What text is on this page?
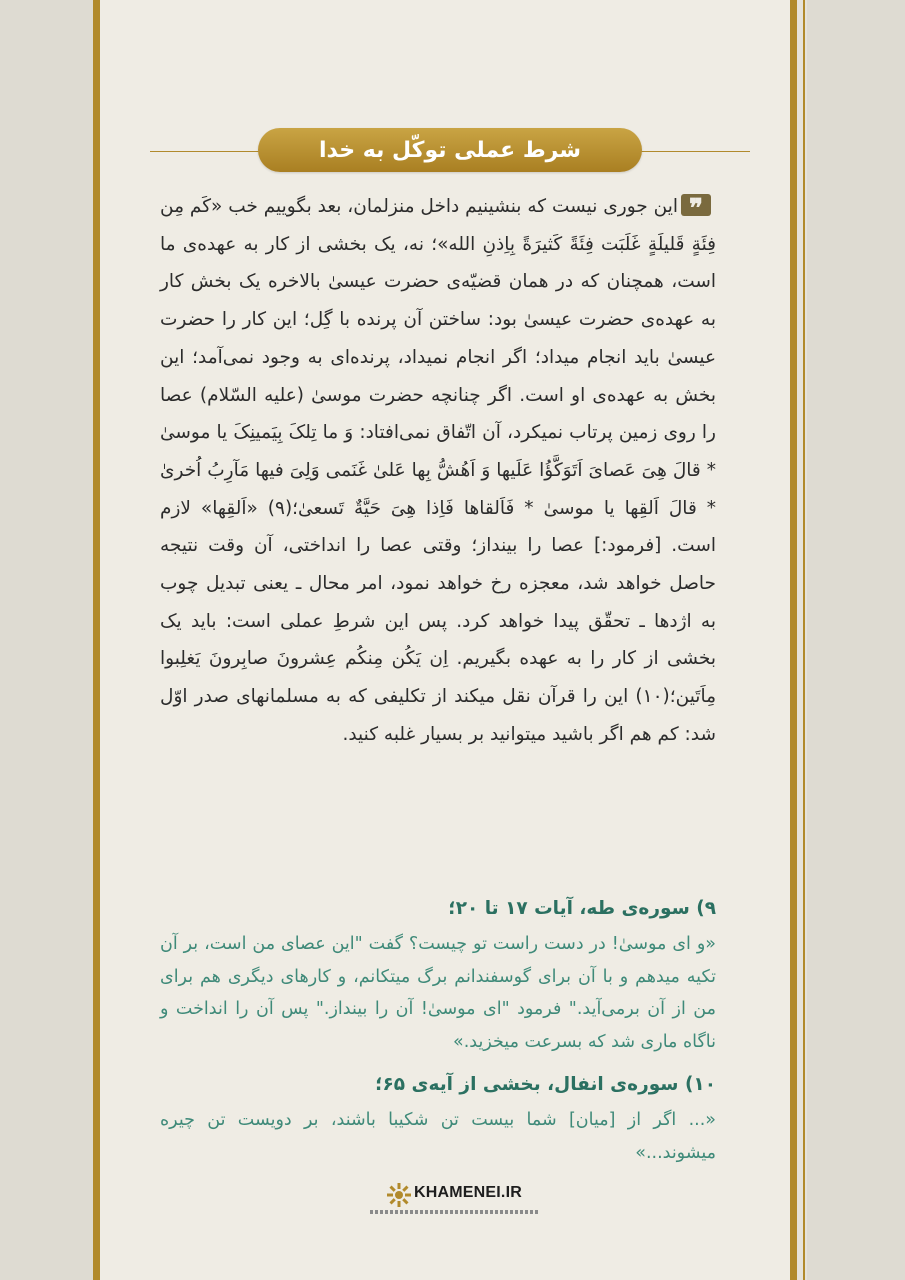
شرط عملی توکّل به خدا
❞

این جوری نیست که بنشینیم داخل منزلمان، بعد بگوییم خب «کَم مِن فِئَةٍ قَلیلَةٍ غَلَبَت فِئَةً کَثیرَةً بِاِذنِ الله»؛ نه، یک بخشی از کار به عهده‌ی ما است، همچنان که در همان قضیّه‌ی حضرت عیسیٰ بالاخره یک بخش کار به عهده‌ی حضرت عیسیٰ بود: ساختن آن پرنده با گِل؛ این کار را حضرت عیسیٰ باید انجام میداد؛ اگر انجام نمیداد، پرنده‌ای به وجود نمی‌آمد؛ این بخش به عهده‌ی او است. اگر چنانچه حضرت موسیٰ (علیه السّلام) عصا را روی زمین پرتاب نمیکرد، آن اتّفاق نمی‌افتاد: وَ ما تِلکَ بِیَمینِکَ یا موسیٰ * قالَ هِیَ عَصایَ اَتَوَکَّؤُا عَلَیها وَ اَهُشُّ بِها عَلیٰ غَنَمی وَلِیَ فیها مَآرِبُ اُخریٰ * قالَ اَلقِها یا موسیٰ * فَاَلقاها فَاِذا هِیَ حَیَّةٌ تَسعیٰ؛(۹) «اَلقِها» لازم است. [فرمود:] عصا را بینداز؛ وقتی عصا را انداختی، آن وقت نتیجه حاصل خواهد شد، معجزه رخ خواهد نمود، امر محال ـ یعنی تبدیل چوب به اژدها ـ تحقّق پیدا خواهد کرد. پس این شرطِ عملی است: باید یک بخشی از کار را به عهده بگیریم. اِن یَکُن مِنکُم عِشرونَ صابِرونَ یَغلِبوا مِاَتَین؛(۱۰) این را قرآن نقل میکند از تکلیفی که به مسلمانهای صدر اوّل شد: کم هم اگر باشید میتوانید بر بسیار غلبه کنید.

۹) سوره‌ی طه، آیات ۱۷ تا ۲۰؛

«و ای موسیٰ! در دست راست تو چیست؟ گفت "این عصای من است، بر آن تکیه میدهم و با آن برای گوسفندانم برگ میتکانم، و کارهای دیگری هم برای من از آن برمی‌آید." فرمود "ای موسیٰ! آن را بینداز." پس آن را انداخت و ناگاه ماری شد که بسرعت میخزید.»

۱۰) سوره‌ی انفال، بخشی از آیه‌ی ۶۵؛

«... اگر از [میان] شما بیست تن شکیبا باشند، بر دویست تن چیره میشوند...»

KHAMENEI.IR
